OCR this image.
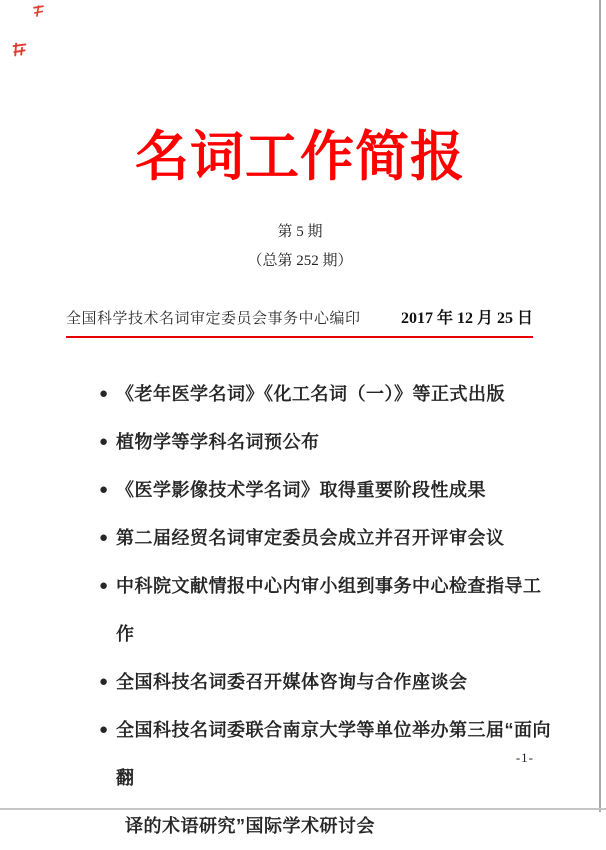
名词工作简报
第 5 期
（总第 252 期）
全国科学技术名词审定委员会事务中心编印	2017 年 12 月 25 日
● 《老年医学名词》《化工名词（一）》等正式出版
● 植物学等学科名词预公布
● 《医学影像技术学名词》取得重要阶段性成果
● 第二届经贸名词审定委员会成立并召开评审会议
● 中科院文献情报中心内审小组到事务中心检查指导工作
● 全国科技名词委召开媒体咨询与合作座谈会
● 全国科技名词委联合南京大学等单位举办第三届“面向翻
译的术语研究”国际学术研讨会
-1-
